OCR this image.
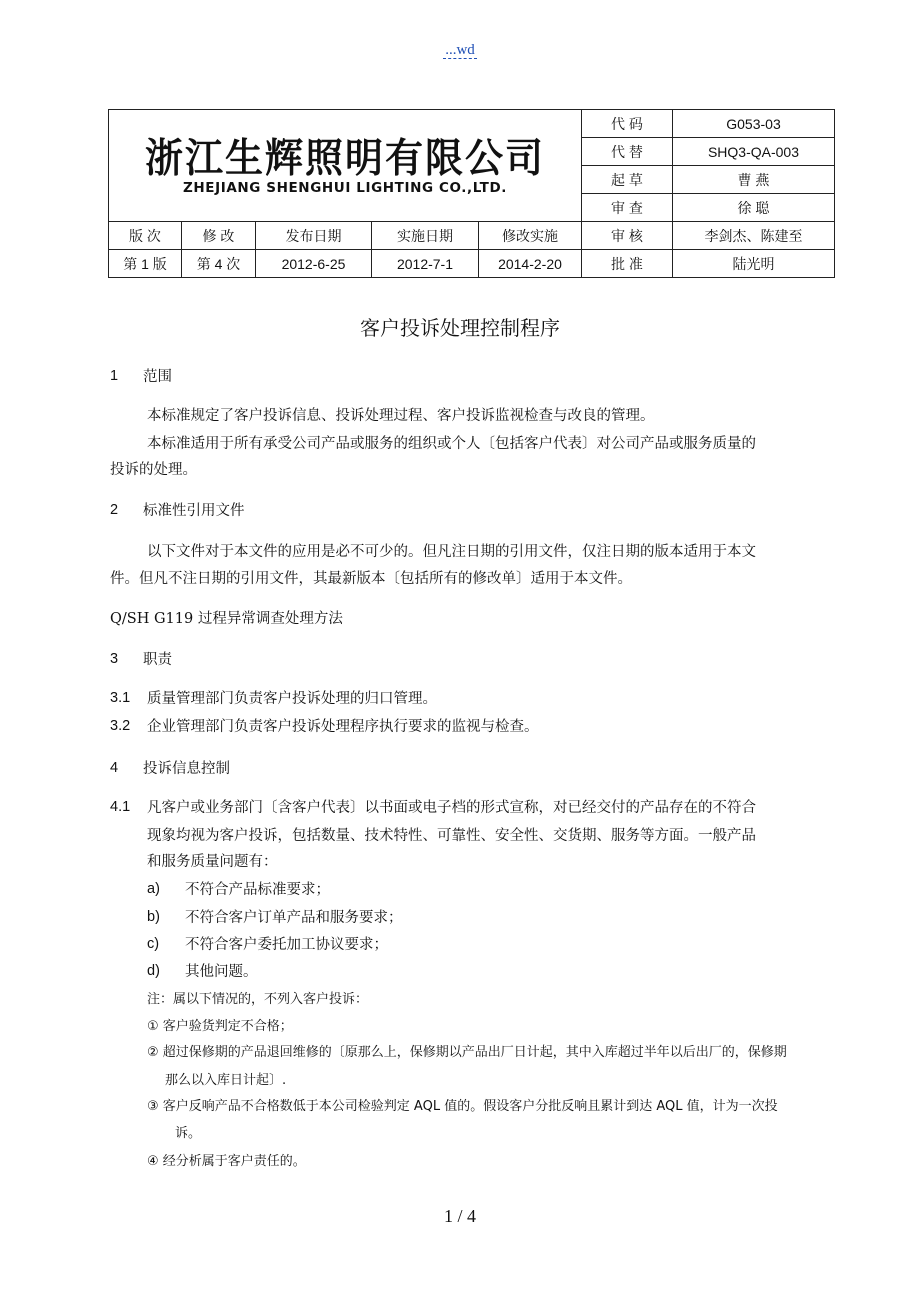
...wd
浙江生辉照明有限公司
ZHEJIANG SHENGHUI LIGHTING CO.,LTD.					代 码	G053-03
					代 替	SHQ3-QA-003
					起 草	曹 燕
					审 查	徐 聪
版 次	修 改	发布日期	实施日期	修改实施	审 核	李剑杰、陈建至
第 1 版	第 4 次	2012-6-25	2012-7-1	2014-2-20	批 准	陆光明
客户投诉处理控制程序
1 范围
本标准规定了客户投诉信息、投诉处理过程、客户投诉监视检查与改良的管理。
本标准适用于所有承受公司产品或服务的组织或个人〔包括客户代表〕对公司产品或服务质量的
投诉的处理。
2 标准性引用文件
以下文件对于本文件的应用是必不可少的。但凡注日期的引用文件，仅注日期的版本适用于本文
件。但凡不注日期的引用文件，其最新版本〔包括所有的修改单〕适用于本文件。
Q/SH G119 过程异常调查处理方法
3 职责
3.1 质量管理部门负责客户投诉处理的归口管理。
3.2 企业管理部门负责客户投诉处理程序执行要求的监视与检查。
4 投诉信息控制
4.1 凡客户或业务部门〔含客户代表〕以书面或电子档的形式宣称，对已经交付的产品存在的不符合
现象均视为客户投诉，包括数量、技术特性、可靠性、安全性、交货期、服务等方面。一般产品
和服务质量问题有：
a) 不符合产品标准要求；
b) 不符合客户订单产品和服务要求；
c) 不符合客户委托加工协议要求；
d) 其他问题。
注：属以下情况的，不列入客户投诉：
① 客户验货判定不合格；
② 超过保修期的产品退回维修的〔原那么上，保修期以产品出厂日计起，其中入库超过半年以后出厂的，保修期
那么以入库日计起〕.
③ 客户反响产品不合格数低于本公司检验判定 AQL 值的。假设客户分批反响且累计到达 AQL 值，计为一次投
诉。
④ 经分析属于客户责任的。
1 / 4
